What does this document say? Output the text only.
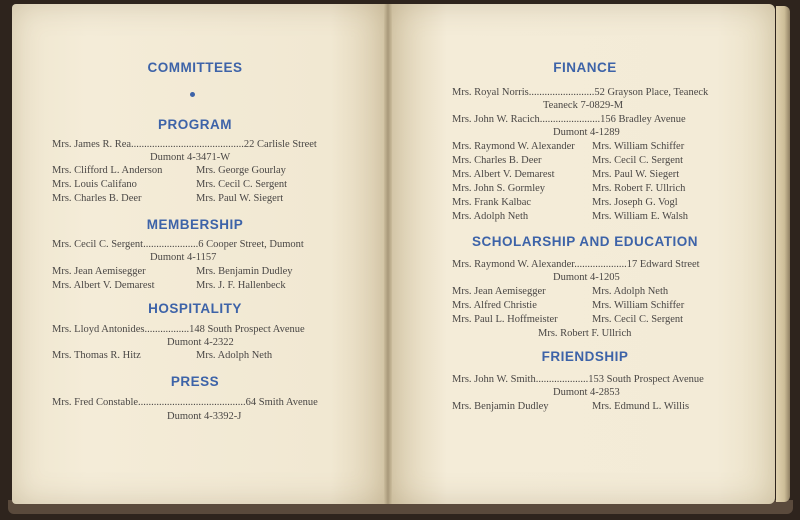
COMMITTEES
PROGRAM
Mrs. James R. Rea...........................................22 Carlisle Street
Dumont 4-3471-W
Mrs. Clifford L. Anderson	Mrs. George Gourlay
Mrs. Louis Califano	Mrs. Cecil C. Sergent
Mrs. Charles B. Deer	Mrs. Paul W. Siegert
MEMBERSHIP
Mrs. Cecil C. Sergent.....................6 Cooper Street, Dumont
Dumont 4-1157
Mrs. Jean Aemisegger	Mrs. Benjamin Dudley
Mrs. Albert V. Demarest	Mrs. J. F. Hallenbeck
HOSPITALITY
Mrs. Lloyd Antonides.................148 South Prospect Avenue
Dumont 4-2322
Mrs. Thomas R. Hitz	Mrs. Adolph Neth
PRESS
Mrs. Fred Constable.........................................64 Smith Avenue
Dumont 4-3392-J
FINANCE
Mrs. Royal Norris.........................52 Grayson Place, Teaneck
Teaneck 7-0829-M
Mrs. John W. Racich.......................156 Bradley Avenue
Dumont 4-1289
Mrs. Raymond W. Alexander Mrs. William Schiffer
Mrs. Charles B. Deer	Mrs. Cecil C. Sergent
Mrs. Albert V. Demarest	Mrs. Paul W. Siegert
Mrs. John S. Gormley	Mrs. Robert F. Ullrich
Mrs. Frank Kalbac	Mrs. Joseph G. Vogl
Mrs. Adolph Neth	Mrs. William E. Walsh
SCHOLARSHIP AND EDUCATION
Mrs. Raymond W. Alexander....................17 Edward Street
Dumont 4-1205
Mrs. Jean Aemisegger	Mrs. Adolph Neth
Mrs. Alfred Christie	Mrs. William Schiffer
Mrs. Paul L. Hoffmeister	Mrs. Cecil C. Sergent
Mrs. Robert F. Ullrich
FRIENDSHIP
Mrs. John W. Smith....................153 South Prospect Avenue
Dumont 4-2853
Mrs. Benjamin Dudley	Mrs. Edmund L. Willis
